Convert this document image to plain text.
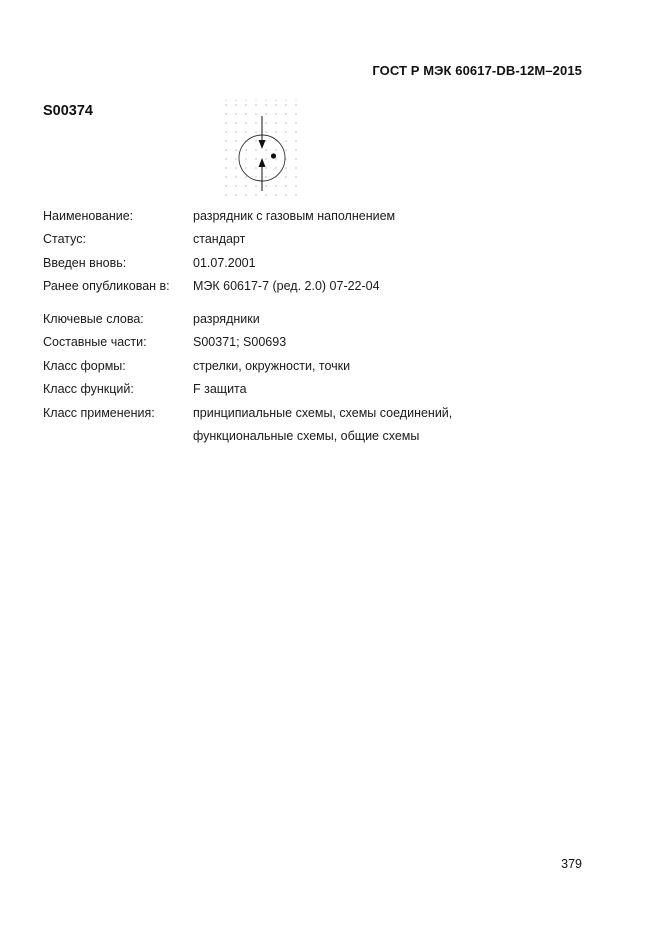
ГОСТ Р МЭК 60617-DB-12M–2015
S00374
Наименование:	разрядник с газовым наполнением
Статус:	стандарт
Введен вновь:	01.07.2001
Ранее опубликован в:	МЭК 60617-7 (ред. 2.0) 07-22-04
Ключевые слова:	разрядники
Составные части:	S00371; S00693
Класс формы:	стрелки, окружности, точки
Класс функций:	F защита
Класс применения:	принципиальные схемы, схемы соединений,
функциональные схемы, общие схемы
379
